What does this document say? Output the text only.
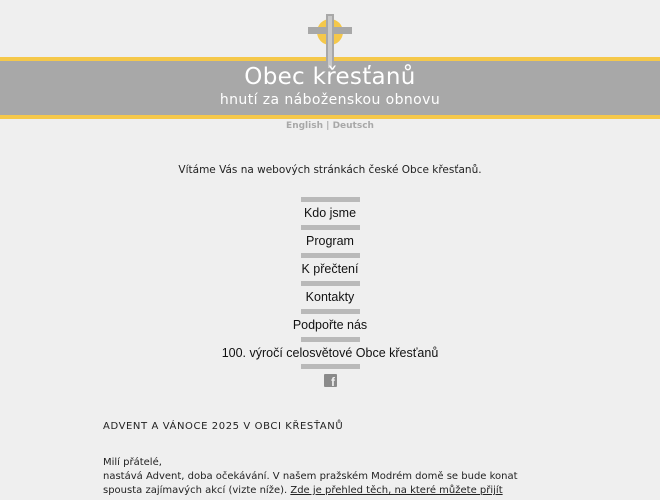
Obec křesťanů
hnutí za náboženskou obnovu
English | Deutsch
Vítáme Vás na webových stránkách české Obce křesťanů.
Kdo jsme
Program
K přečtení
Kontakty
Podpořte nás
100. výročí celosvětové Obce křesťanů
f
ADVENT A VÁNOCE 2025 V OBCI KŘESŤANŮ
Milí přátelé,
nastává Advent, doba očekávání. V našem pražském Modrém domě se bude konat
spousta zajímavých akcí (vizte níže). Zde je přehled těch, na které můžete přijít
